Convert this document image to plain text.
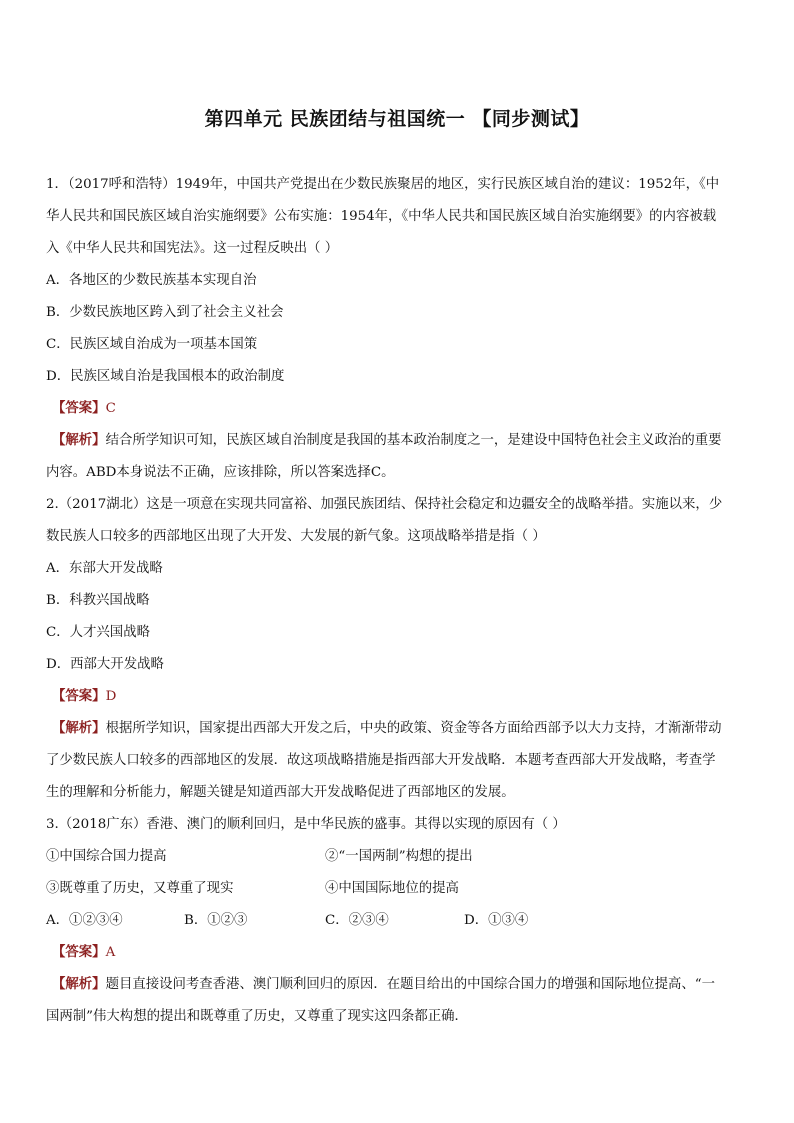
第四单元 民族团结与祖国统一 【同步测试】
1．（2017呼和浩特）1949年，中国共产党提出在少数民族聚居的地区，实行民族区域自治的建议：1952年，《中
华人民共和国民族区域自治实施纲要》公布实施：1954年，《中华人民共和国民族区域自治实施纲要》的内容被载
入《中华人民共和国宪法》。这一过程反映出（ ）
A．各地区的少数民族基本实现自治
B．少数民族地区跨入到了社会主义社会
C．民族区域自治成为一项基本国策
D．民族区域自治是我国根本的政治制度
【答案】C
【解析】结合所学知识可知，民族区域自治制度是我国的基本政治制度之一，是建设中国特色社会主义政治的重要
内容。ABD本身说法不正确，应该排除，所以答案选择C。
2.（2017湖北）这是一项意在实现共同富裕、加强民族团结、保持社会稳定和边疆安全的战略举措。实施以来，少
数民族人口较多的西部地区出现了大开发、大发展的新气象。这项战略举措是指（ ）
A．东部大开发战略
B．科教兴国战略
C．人才兴国战略
D．西部大开发战略
【答案】D
【解析】根据所学知识，国家提出西部大开发之后，中央的政策、资金等各方面给西部予以大力支持，才渐渐带动
了少数民族人口较多的西部地区的发展．故这项战略措施是指西部大开发战略．本题考查西部大开发战略，考查学
生的理解和分析能力，解题关键是知道西部大开发战略促进了西部地区的发展。
3.（2018广东）香港、澳门的顺利回归，是中华民族的盛事。其得以实现的原因有（ ）
①中国综合国力提高	②“一国两制”构想的提出
③既尊重了历史，又尊重了现实	④中国国际地位的提高
A．①②③④	B．①②③	C．②③④	D．①③④
【答案】A
【解析】题目直接设问考查香港、澳门顺利回归的原因．在题目给出的中国综合国力的增强和国际地位提高、“一
国两制”伟大构想的提出和既尊重了历史，又尊重了现实这四条都正确．
